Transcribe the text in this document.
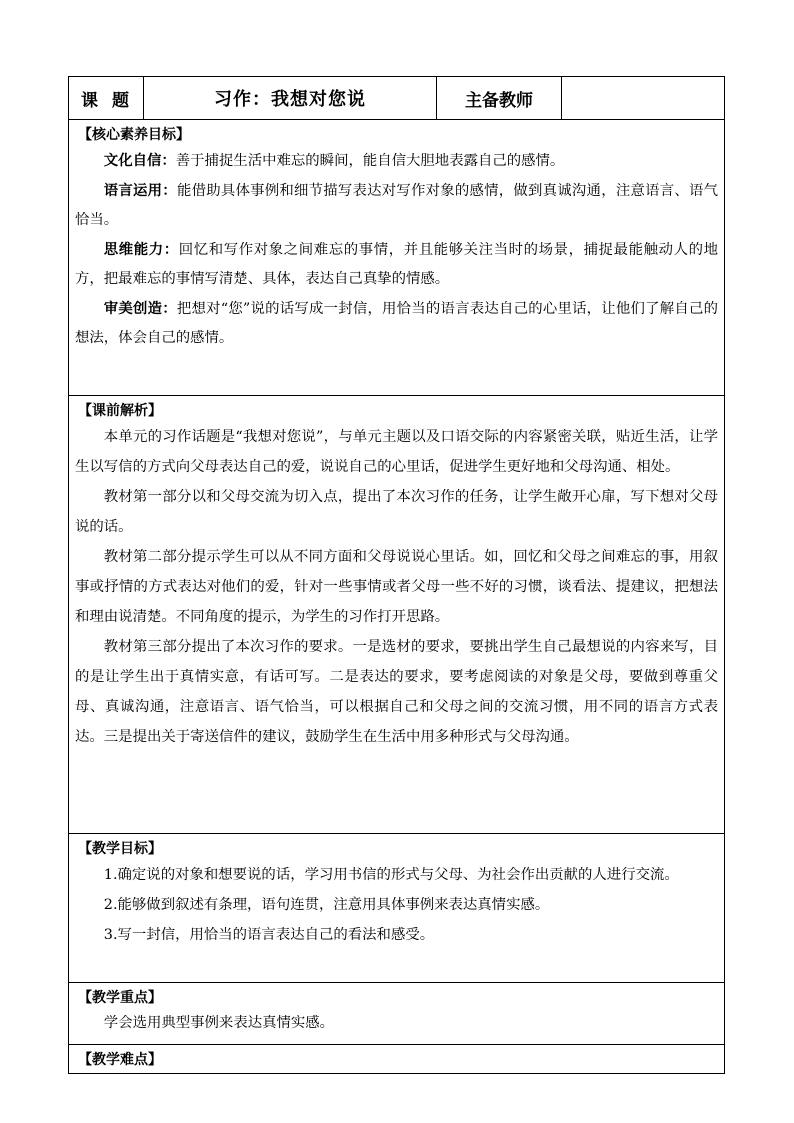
课题	习作：我想对您说	主备教师
【核心素养目标】

文化自信：善于捕捉生活中难忘的瞬间，能自信大胆地表露自己的感情。

语言运用：能借助具体事例和细节描写表达对写作对象的感情，做到真诚沟通，注意语言、语气恰当。

思维能力：回忆和写作对象之间难忘的事情，并且能够关注当时的场景，捕捉最能触动人的地方，把最难忘的事情写清楚、具体，表达自己真挚的情感。

审美创造：把想对“您”说的话写成一封信，用恰当的语言表达自己的心里话，让他们了解自己的想法，体会自己的感情。

【课前解析】

本单元的习作话题是“我想对您说”，与单元主题以及口语交际的内容紧密关联，贴近生活，让学生以写信的方式向父母表达自己的爱，说说自己的心里话，促进学生更好地和父母沟通、相处。

教材第一部分以和父母交流为切入点，提出了本次习作的任务，让学生敞开心扉，写下想对父母说的话。

教材第二部分提示学生可以从不同方面和父母说说心里话。如，回忆和父母之间难忘的事，用叙事或抒情的方式表达对他们的爱，针对一些事情或者父母一些不好的习惯，谈看法、提建议，把想法和理由说清楚。不同角度的提示，为学生的习作打开思路。

教材第三部分提出了本次习作的要求。一是选材的要求，要挑出学生自己最想说的内容来写，目的是让学生出于真情实意，有话可写。二是表达的要求，要考虑阅读的对象是父母，要做到尊重父母、真诚沟通，注意语言、语气恰当，可以根据自己和父母之间的交流习惯，用不同的语言方式表达。三是提出关于寄送信件的建议，鼓励学生在生活中用多种形式与父母沟通。

【教学目标】

1.确定说的对象和想要说的话，学习用书信的形式与父母、为社会作出贡献的人进行交流。

2.能够做到叙述有条理，语句连贯，注意用具体事例来表达真情实感。

3.写一封信，用恰当的语言表达自己的看法和感受。

【教学重点】

学会选用典型事例来表达真情实感。

【教学难点】
